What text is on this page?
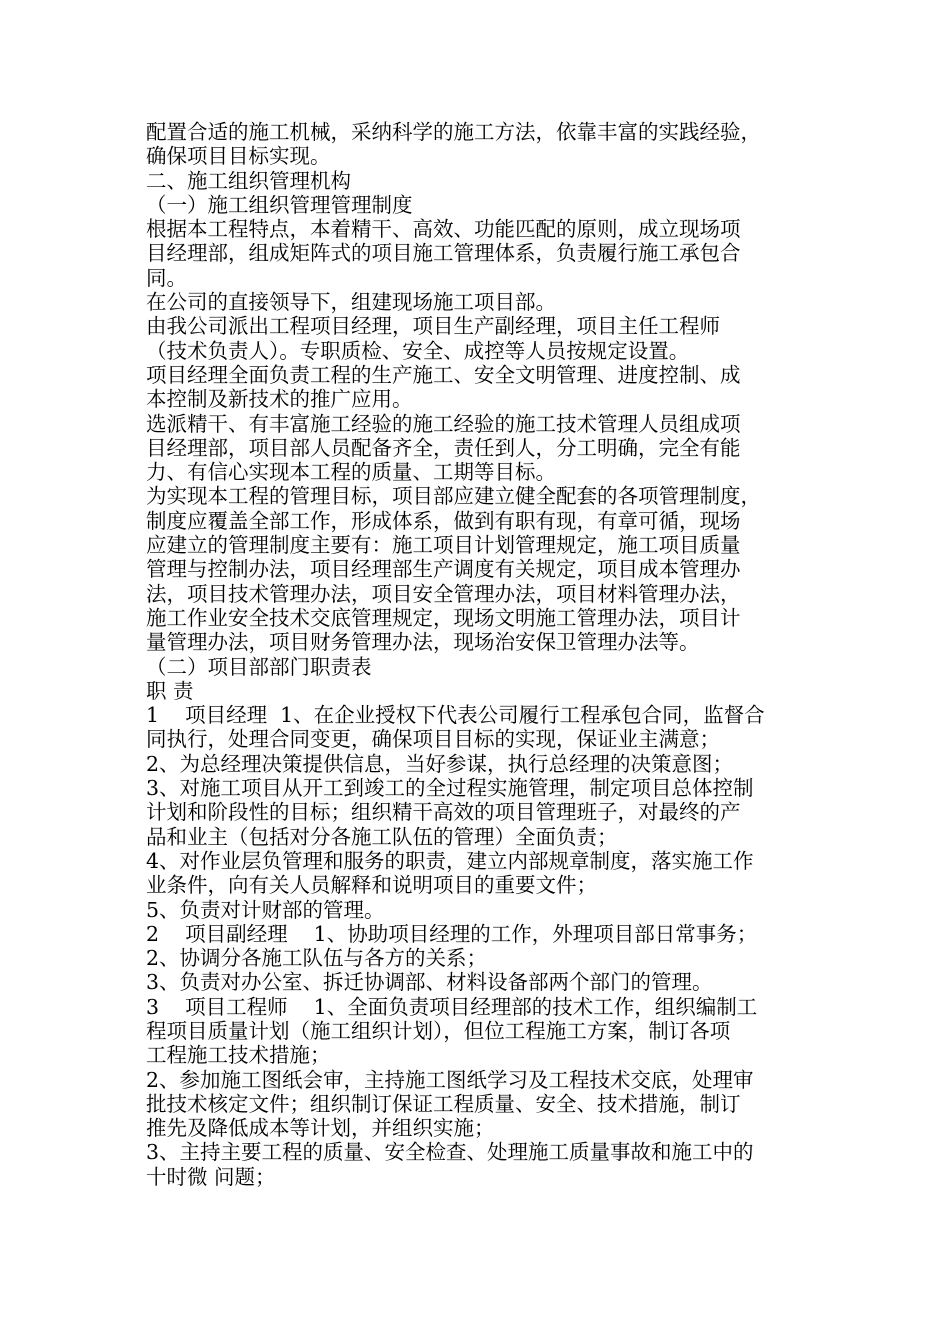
配置合适的施工机械，采纳科学的施工方法，依靠丰富的实践经验，

确保项目目标实现。

二、施工组织管理机构

（一）施工组织管理管理制度

根据本工程特点，本着精干、高效、功能匹配的原则，成立现场项

目经理部，组成矩阵式的项目施工管理体系，负责履行施工承包合

同。

在公司的直接领导下，组建现场施工项目部。

由我公司派出工程项目经理，项目生产副经理，项目主任工程师

（技术负责人）。专职质检、安全、成控等人员按规定设置。

项目经理全面负责工程的生产施工、安全文明管理、进度控制、成

本控制及新技术的推广应用。

选派精干、有丰富施工经验的施工经验的施工技术管理人员组成项

目经理部，项目部人员配备齐全，责任到人，分工明确，完全有能

力、有信心实现本工程的质量、工期等目标。

为实现本工程的管理目标，项目部应建立健全配套的各项管理制度，

制度应覆盖全部工作，形成体系，做到有职有现，有章可循，现场

应建立的管理制度主要有：施工项目计划管理规定，施工项目质量

管理与控制办法，项目经理部生产调度有关规定，项目成本管理办

法，项目技术管理办法，项目安全管理办法，项目材料管理办法，

施工作业安全技术交底管理规定，现场文明施工管理办法，项目计

量管理办法，项目财务管理办法，现场治安保卫管理办法等。

（二）项目部部门职责表

职 责

1    项目经理  1、在企业授权下代表公司履行工程承包合同，监督合

同执行，处理合同变更，确保项目目标的实现，保证业主满意；

2、为总经理决策提供信息，当好参谋，执行总经理的决策意图；

3、对施工项目从开工到竣工的全过程实施管理，制定项目总体控制

计划和阶段性的目标；组织精干高效的项目管理班子，对最终的产

品和业主（包括对分各施工队伍的管理）全面负责；

4、对作业层负管理和服务的职责，建立内部规章制度，落实施工作

业条件，向有关人员解释和说明项目的重要文件；

5、负责对计财部的管理。

2    项目副经理    1、协助项目经理的工作，外理项目部日常事务；

2、协调分各施工队伍与各方的关系；

3、负责对办公室、拆迁协调部、材料设备部两个部门的管理。

3    项目工程师    1、全面负责项目经理部的技术工作，组织编制工

程项目质量计划（施工组织计划），但位工程施工方案，制订各项

工程施工技术措施；

2、参加施工图纸会审，主持施工图纸学习及工程技术交底，处理审

批技术核定文件；组织制订保证工程质量、安全、技术措施，制订

推先及降低成本等计划，并组织实施；

3、主持主要工程的质量、安全检查、处理施工质量事故和施工中的

十时微 问题；
